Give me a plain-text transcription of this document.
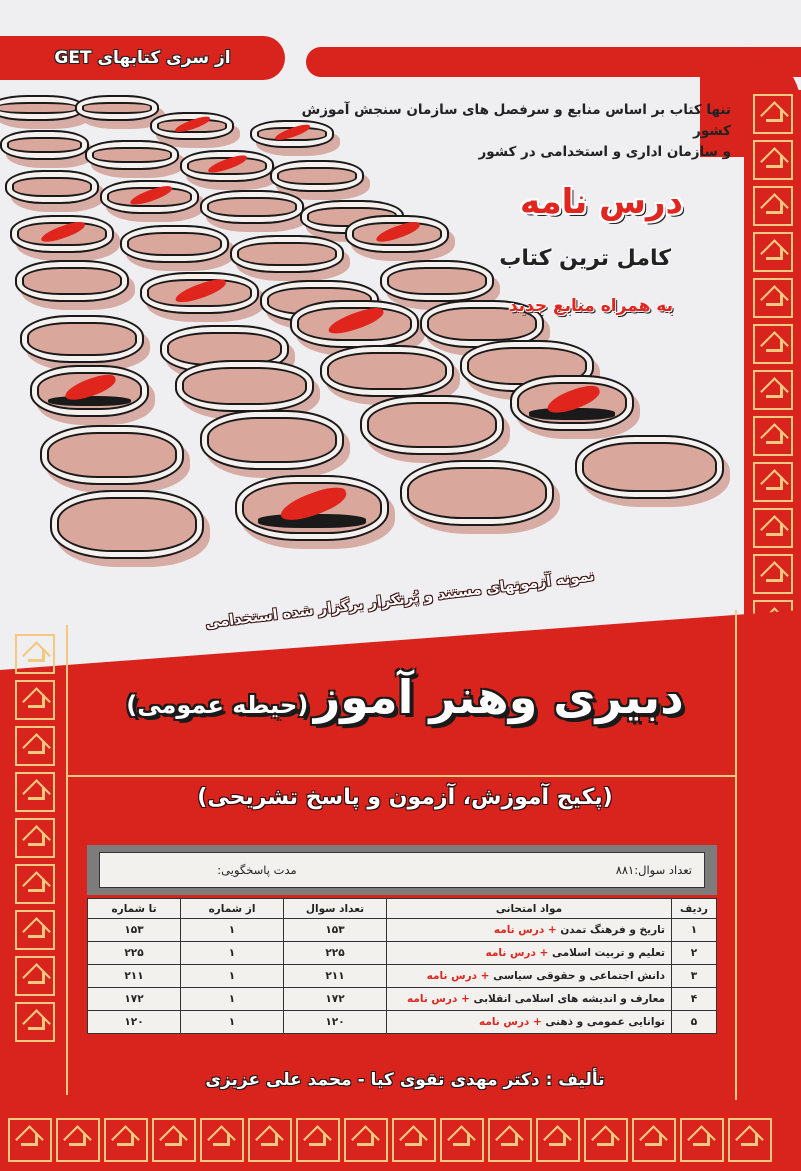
از سری کتابهای GET
تنها کتاب بر اساس منابع و سرفصل های سازمان سنجش آموزش کشور
و سازمان اداری و استخدامی در کشور
درس نامه
کامل ترین کتاب
به همراه منابع جدید
نمونه آزمونهای مستند و پُرتکرار برگزار شده استخدامی
دبیری وهنر آموز (حیطه عمومی)
(پکیج آموزش، آزمون و پاسخ تشریحی)
تعداد سوال:۸۸۱
مدت پاسخگویی:
ردیف	مواد امتحانی	تعداد سوال	از شماره	تا شماره
۱	تاریخ و فرهنگ تمدن + درس نامه	۱۵۳	۱	۱۵۳
۲	تعلیم و تربیت اسلامی + درس نامه	۲۲۵	۱	۲۲۵
۳	دانش اجتماعی و حقوقی سیاسی + درس نامه	۲۱۱	۱	۲۱۱
۴	معارف و اندیشه های اسلامی انقلابی + درس نامه	۱۷۲	۱	۱۷۲
۵	توانایی عمومی و ذهنی + درس نامه	۱۲۰	۱	۱۲۰
تألیف : دکتر مهدی تقوی کیا - محمد علی عزیزی
